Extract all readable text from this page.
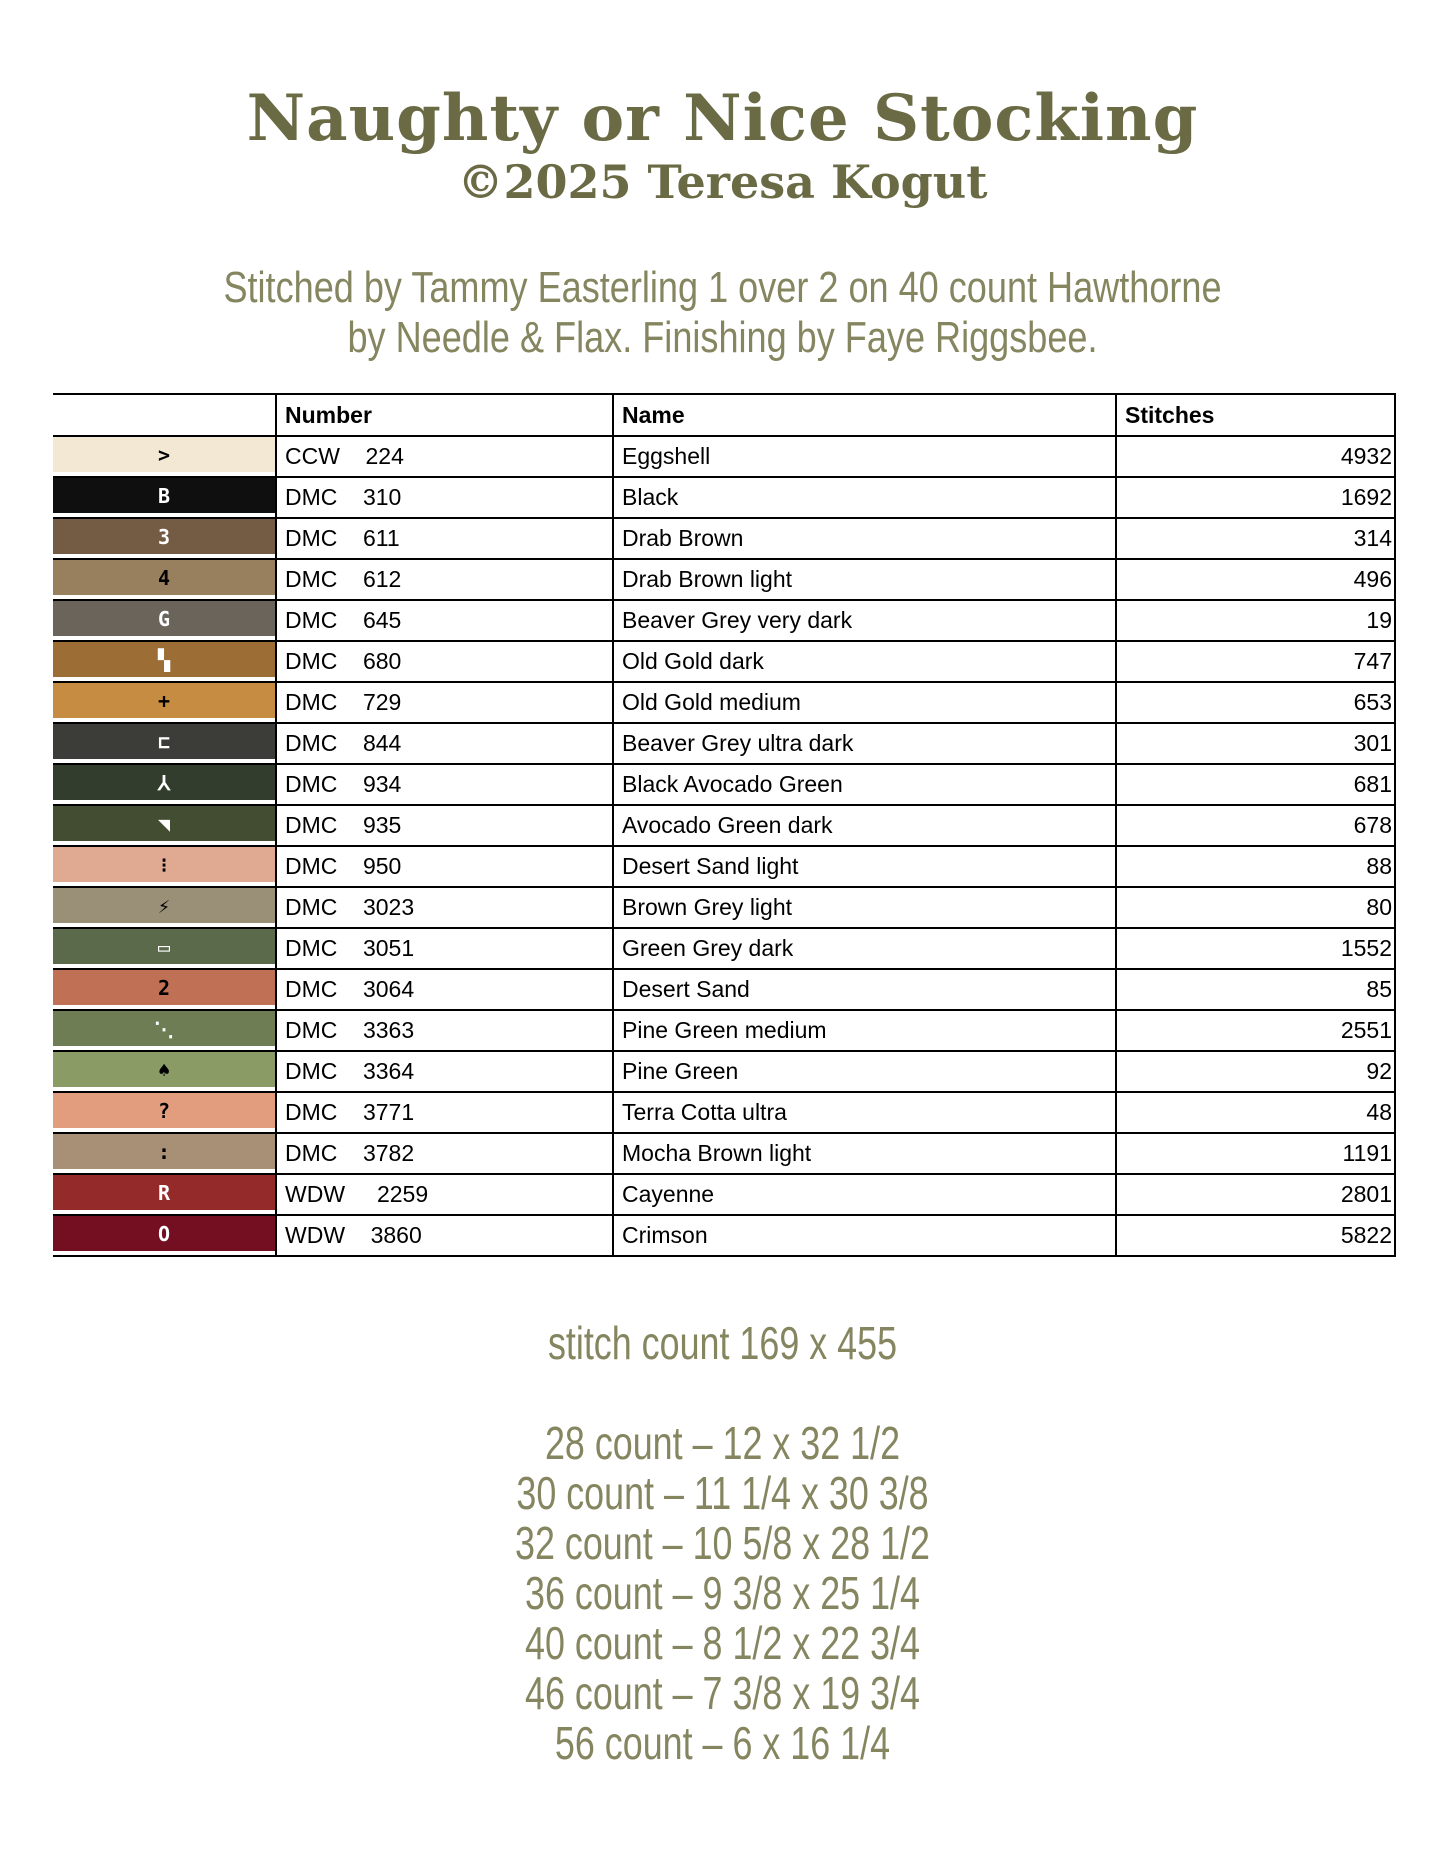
Naughty or Nice Stocking
©2025 Teresa Kogut
Stitched by Tammy Easterling 1 over 2 on 40 count Hawthorne
by Needle & Flax. Finishing by Faye Riggsbee.
	Number	Name	Stitches

>	CCW    224	Eggshell	4932

B	DMC    310	Black	1692

3	DMC    611	Drab Brown	314

4	DMC    612	Drab Brown light	496

G	DMC    645	Beaver Grey very dark	19

▚	DMC    680	Old Gold dark	747

+	DMC    729	Old Gold medium	653

⊏	DMC    844	Beaver Grey ultra dark	301

⅄	DMC    934	Black Avocado Green	681

◥	DMC    935	Avocado Green dark	678

⁝	DMC    950	Desert Sand light	88

⚡	DMC    3023	Brown Grey light	80

▭	DMC    3051	Green Grey dark	1552

2	DMC    3064	Desert Sand	85

⋱	DMC    3363	Pine Green medium	2551

♠	DMC    3364	Pine Green	92

?	DMC    3771	Terra Cotta ultra	48

:	DMC    3782	Mocha Brown light	1191

R	WDW     2259	Cayenne	2801

O	WDW    3860	Crimson	5822
stitch count 169 x 455
28 count – 12 x 32 1/2
30 count – 11 1/4 x 30 3/8
32 count – 10 5/8 x 28 1/2
36 count – 9 3/8 x 25 1/4
40 count – 8 1/2 x 22 3/4
46 count – 7 3/8 x 19 3/4
56 count – 6 x 16 1/4
